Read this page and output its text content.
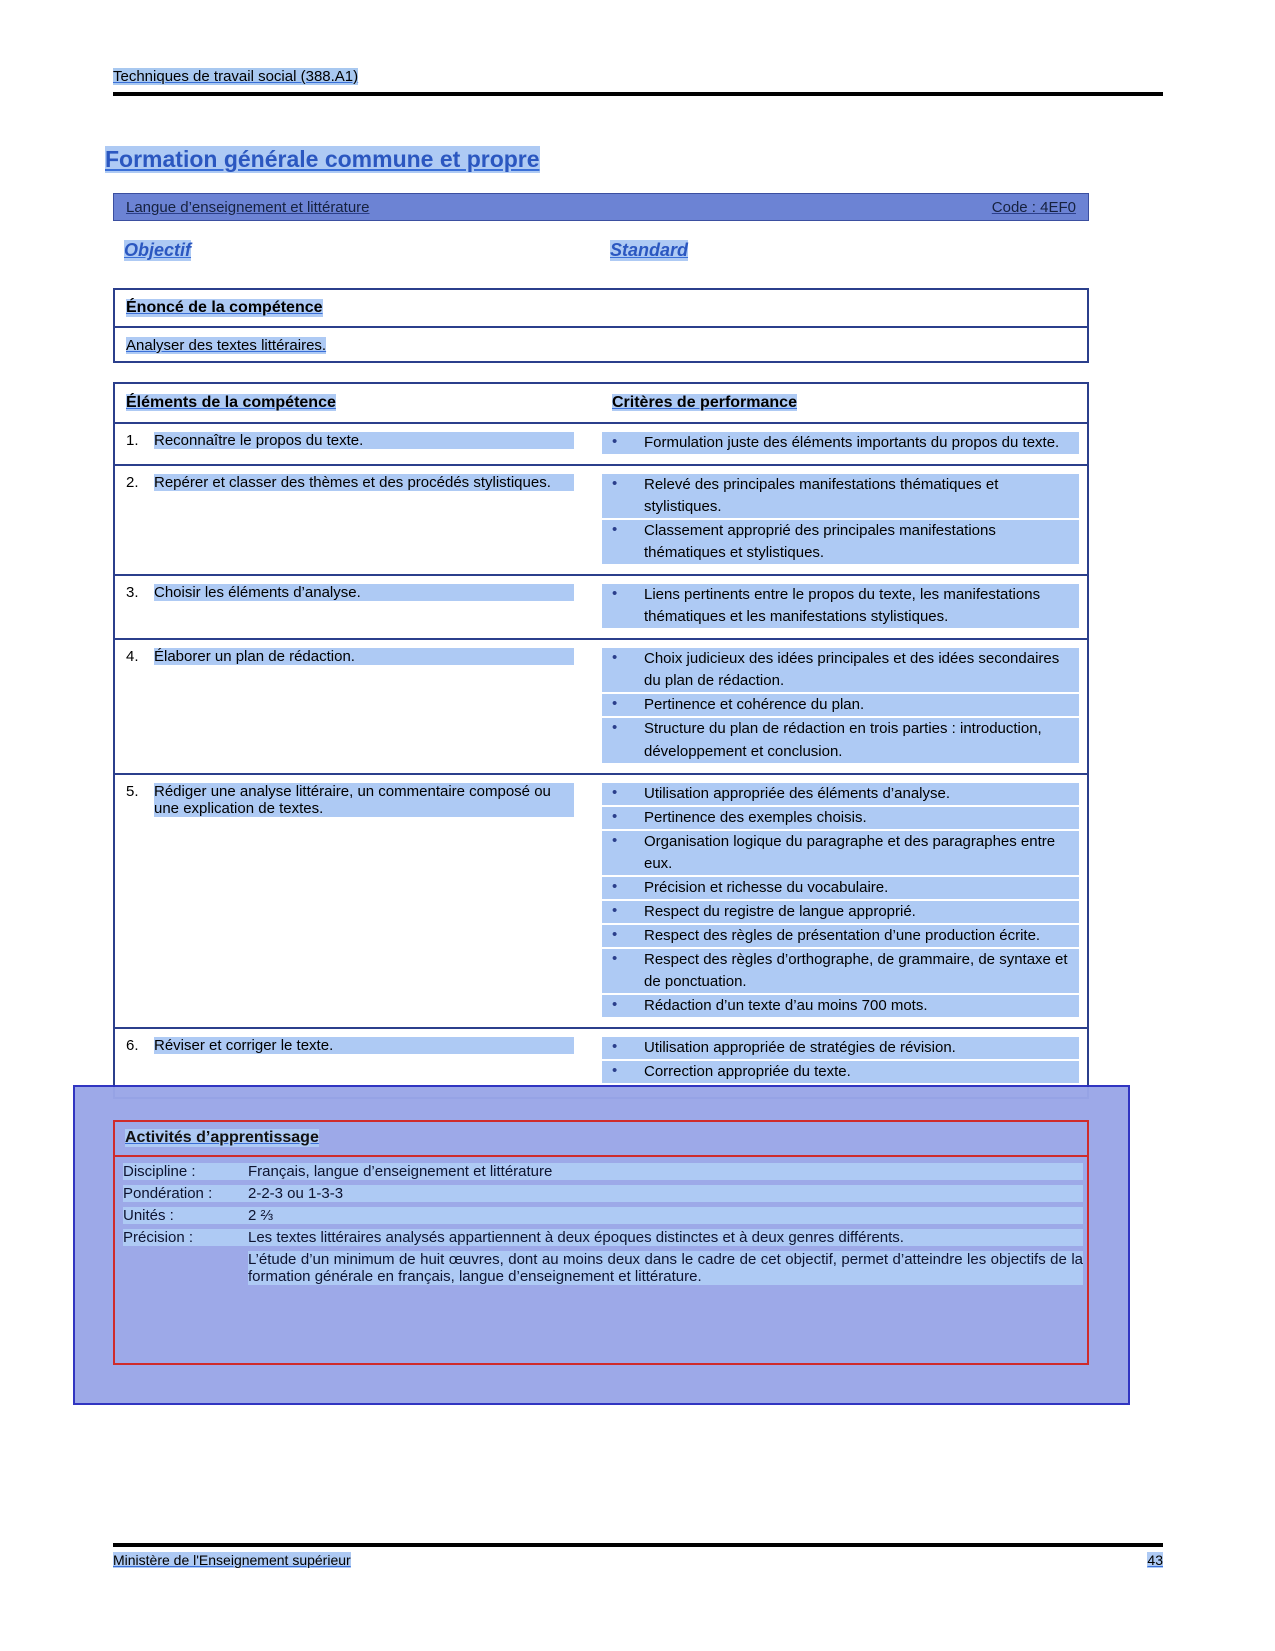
Techniques de travail social (388.A1)
Formation générale commune et propre
Langue d’enseignement et littérature	Code : 4EF0
Objectif	Standard
Énoncé de la compétence
Analyser des textes littéraires.
Éléments de la compétence	Critères de performance
1. Reconnaître le propos du texte.	• Formulation juste des éléments importants du propos du texte.
2. Repérer et classer des thèmes et des procédés stylistiques.	• Relevé des principales manifestations thématiques et stylistiques.
• Classement approprié des principales manifestations thématiques et stylistiques.
3. Choisir les éléments d’analyse.	• Liens pertinents entre le propos du texte, les manifestations thématiques et les manifestations stylistiques.
4. Élaborer un plan de rédaction.	• Choix judicieux des idées principales et des idées secondaires du plan de rédaction.
• Pertinence et cohérence du plan.
• Structure du plan de rédaction en trois parties : introduction, développement et conclusion.
5. Rédiger une analyse littéraire, un commentaire composé ou une explication de textes.
• Utilisation appropriée des éléments d’analyse.
• Pertinence des exemples choisis.
• Organisation logique du paragraphe et des paragraphes entre eux.
• Précision et richesse du vocabulaire.
• Respect du registre de langue approprié.
• Respect des règles de présentation d’une production écrite.
• Respect des règles d’orthographe, de grammaire, de syntaxe et de ponctuation.
• Rédaction d’un texte d’au moins 700 mots.
6. Réviser et corriger le texte.	• Utilisation appropriée de stratégies de révision.
• Correction appropriée du texte.
Activités d’apprentissage
Discipline :	Français, langue d’enseignement et littérature
Pondération :	2-2-3 ou 1-3-3
Unités :	2 ⅔
Précision :	Les textes littéraires analysés appartiennent à deux époques distinctes et à deux genres différents.
L’étude d’un minimum de huit œuvres, dont au moins deux dans le cadre de cet objectif, permet d’atteindre les objectifs de la formation générale en français, langue d’enseignement et littérature.
Ministère de l'Enseignement supérieur	43
